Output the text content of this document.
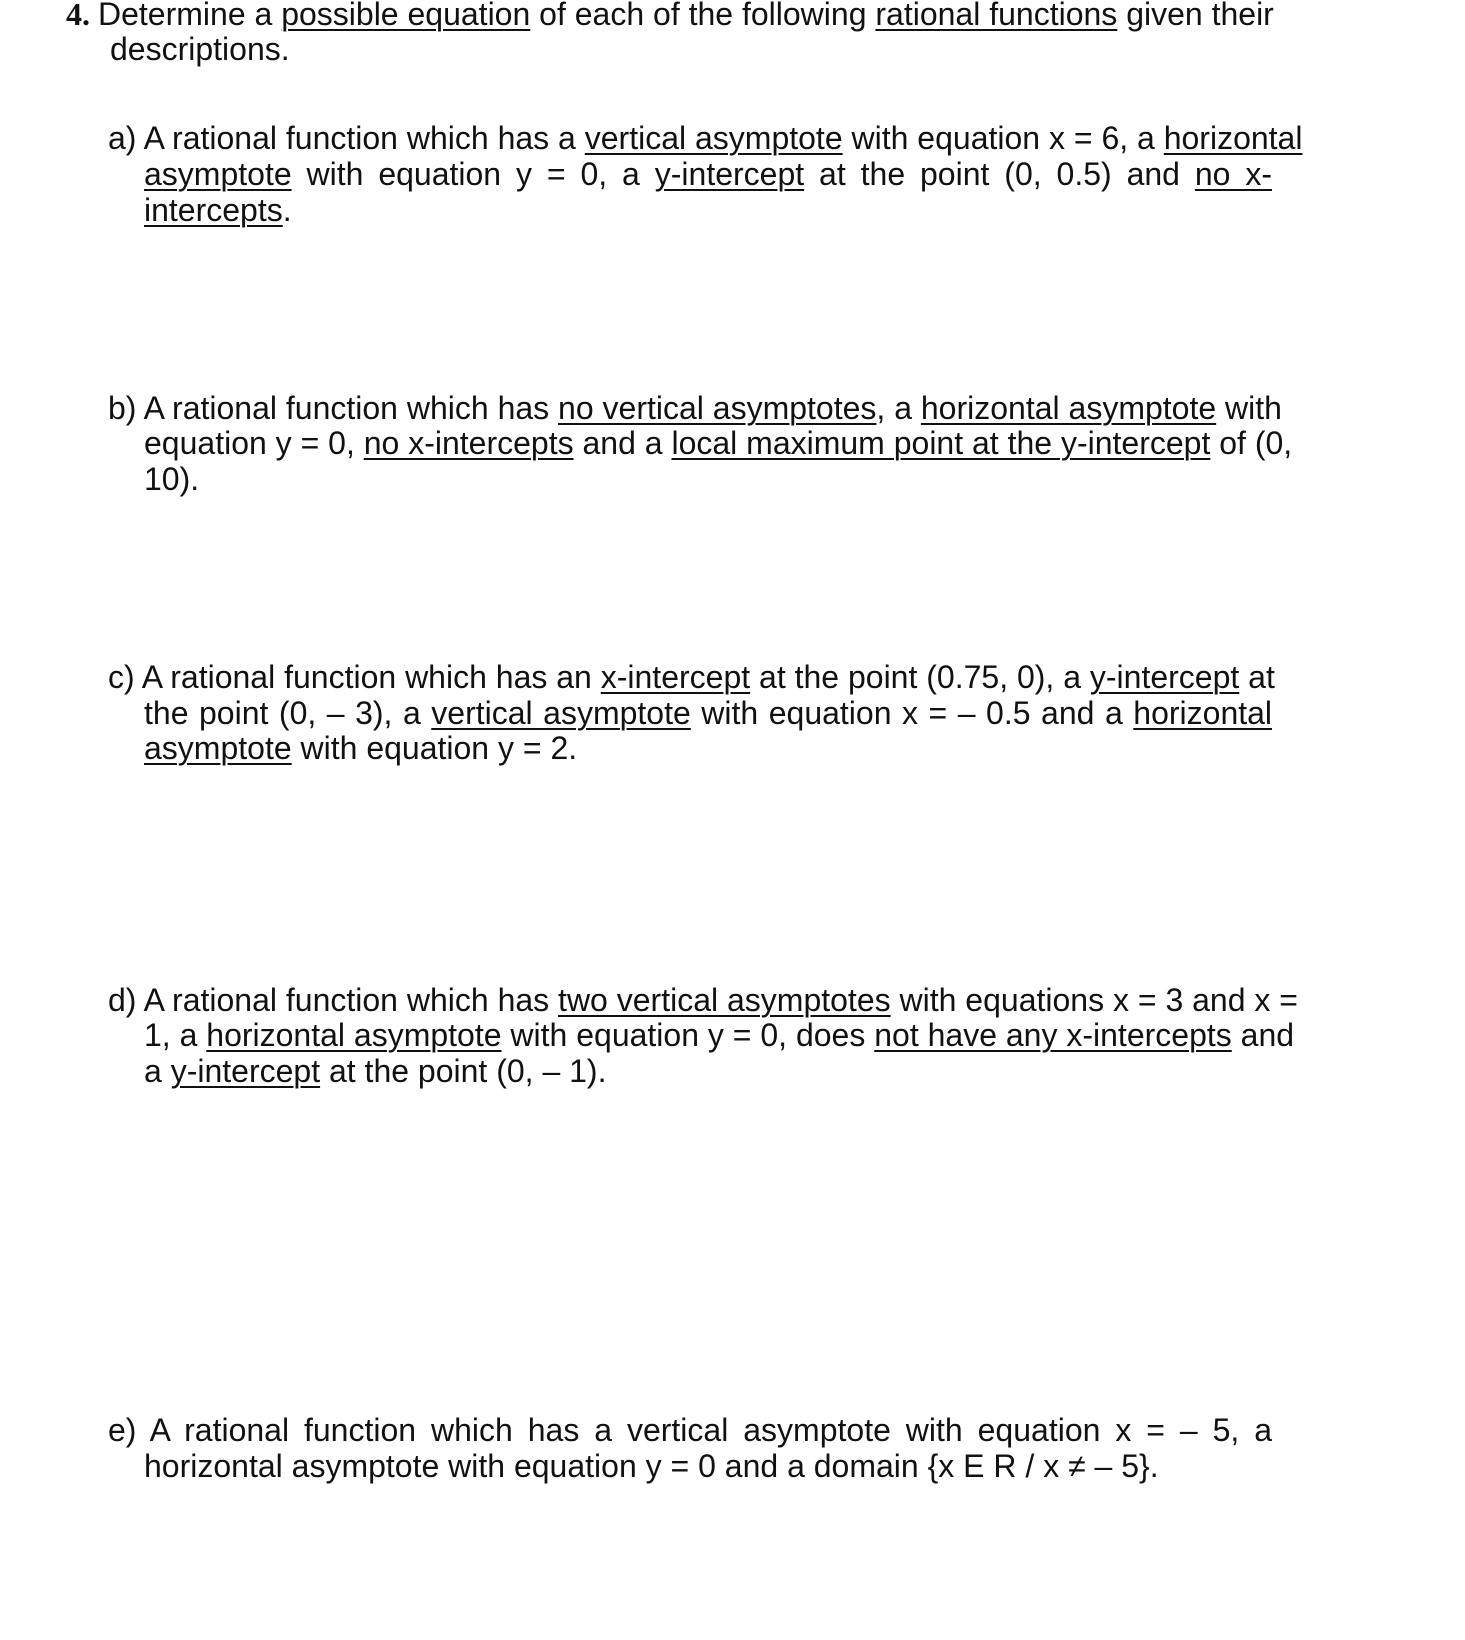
4. Determine a possible equation of each of the following rational functions given their
descriptions.
a) A rational function which has a vertical asymptote with equation x = 6, a horizontal
asymptote with equation y = 0, a y-intercept at the point (0, 0.5) and no x-
intercepts.
b) A rational function which has no vertical asymptotes, a horizontal asymptote with
equation y = 0, no x-intercepts and a local maximum point at the y-intercept of (0,
10).
c) A rational function which has an x-intercept at the point (0.75, 0), a y-intercept at
the point (0, – 3), a vertical asymptote with equation x = – 0.5 and a horizontal
asymptote with equation y = 2.
d) A rational function which has two vertical asymptotes with equations x = 3 and x =
1, a horizontal asymptote with equation y = 0, does not have any x-intercepts and
a y-intercept at the point (0, – 1).
e) A rational function which has a vertical asymptote with equation x = – 5, a
horizontal asymptote with equation y = 0 and a domain {x E R / x ≠ – 5}.
